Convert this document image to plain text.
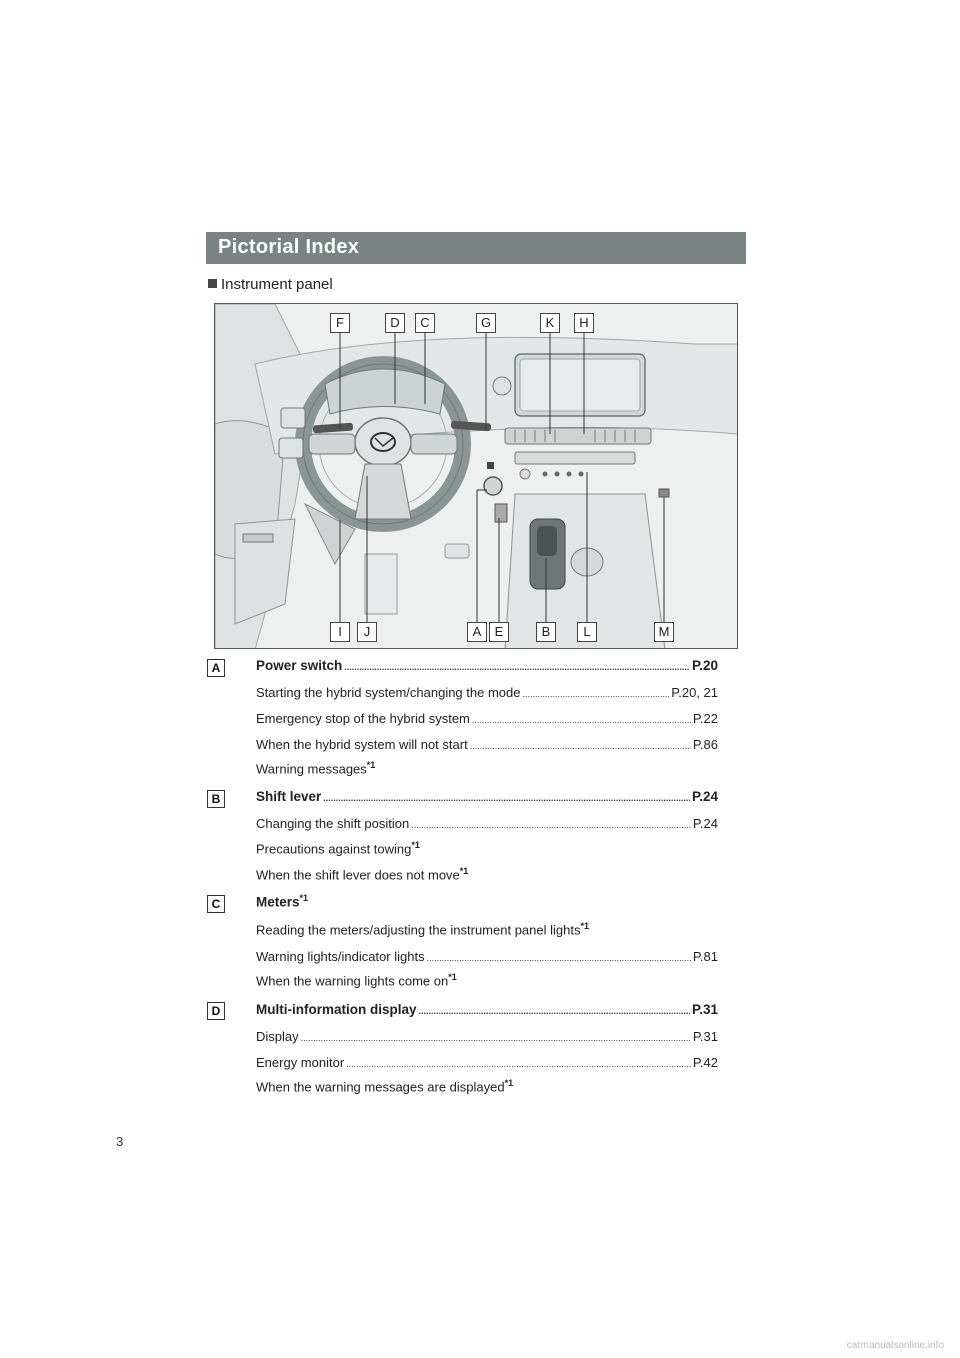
Pictorial Index
Instrument panel
F	D	C	G	K	H
I	J	A	E	B	L	M
A	Power switch .....	P.20
Starting the hybrid system/changing the mode .....	P.20, 21
Emergency stop of the hybrid system .....	P.22
When the hybrid system will not start .....	P.86
Warning messages$^{*1}$
B	Shift lever .....	P.24
Changing the shift position .....	P.24
Precautions against towing$^{*1}$
When the shift lever does not move$^{*1}$
C	Meters$^{*1}$
Reading the meters/adjusting the instrument panel lights$^{*1}$
Warning lights/indicator lights .....	P.81
When the warning lights come $on^{*1}$
D	Multi-information display .....	P.31
Display .....	P.31
Energy monitor .....	P.42
When the warning messages are displayed$^{*1}$
3
carmanualsonline.info
